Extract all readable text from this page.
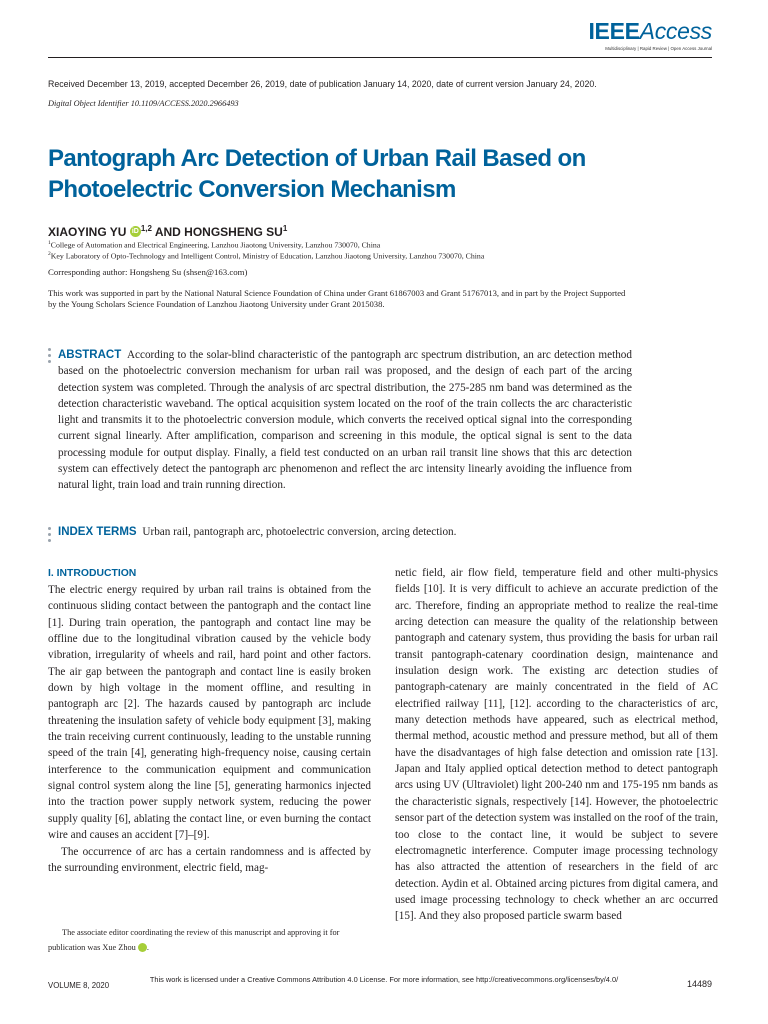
IEEEAccess
Multidisciplinary | Rapid Review | Open Access Journal
Received December 13, 2019, accepted December 26, 2019, date of publication January 14, 2020, date of current version January 24, 2020.
Digital Object Identifier 10.1109/ACCESS.2020.2966493
Pantograph Arc Detection of Urban Rail Based on
Photoelectric Conversion Mechanism
XIAOYING YU iD $^{1,2}$ AND HONGSHENG $SU^1$
$^1$College of Automation and Electrical Engineering, Lanzhou Jiaotong University, Lanzhou 730070, China
$^2$Key Laboratory of Opto-Technology and Intelligent Control, Ministry of Education, Lanzhou Jiaotong University, Lanzhou 730070, China
Corresponding author: Hongsheng Su (shsen@163.com)
This work was supported in part by the National Natural Science Foundation of China under Grant 61867003 and Grant 51767013, and in part by the Project Supported by the Young Scholars Science Foundation of Lanzhou Jiaotong University under Grant 2015038.
ABSTRACT According to the solar-blind characteristic of the pantograph arc spectrum distribution, an arc detection method based on the photoelectric conversion mechanism for urban rail was proposed, and the design of each part of the arcing detection system was completed. Through the analysis of arc spectral distribution, the 275-285 nm band was determined as the detection characteristic waveband. The optical acquisition system located on the roof of the train collects the arc characteristic light and transmits it to the photoelectric conversion module, which converts the received optical signal into the corresponding current signal linearly. After amplification, comparison and screening in this module, the optical signal is sent to the data processing module for output display. Finally, a field test conducted on an urban rail transit line shows that this arc detection system can effectively detect the pantograph arc phenomenon and reflect the arc intensity linearly avoiding the influence from natural light, train load and train running direction.
INDEX TERMS Urban rail, pantograph arc, photoelectric conversion, arcing detection.
I. INTRODUCTION

The electric energy required by urban rail trains is obtained from the continuous sliding contact between the pantograph and the contact line [1]. During train operation, the pantograph and contact line may be offline due to the longitudinal vibration caused by the vehicle body vibration, irregularity of wheels and rail, hard point and other factors. The air gap between the pantograph and contact line is easily broken down by high voltage in the moment offline, and resulting in pantograph arc [2]. The hazards caused by pantograph arc include threatening the insulation safety of vehicle body equipment [3], making the train receiving current continuously, leading to the unstable running speed of the train [4], generating high-frequency noise, causing certain interference to the communication equipment and communication signal control system along the line [5], generating harmonics injected into the traction power supply network system, reducing the power supply quality [6], ablating the contact line, or even burning the contact wire and causes an accident [7]–[9].

The occurrence of arc has a certain randomness and is affected by the surrounding environment, electric field, mag-

netic field, air flow field, temperature field and other multi-physics fields [10]. It is very difficult to achieve an accurate prediction of the arc. Therefore, finding an appropriate method to realize the real-time arcing detection can measure the quality of the relationship between pantograph and catenary system, thus providing the basis for urban rail transit pantograph-catenary coordination design, maintenance and insulation design work. The existing arc detection studies of pantograph-catenary are mainly concentrated in the field of AC electrified railway [11], [12]. according to the characteristics of arc, many detection methods have appeared, such as electrical method, thermal method, acoustic method and pressure method, but all of them have the disadvantages of high false detection and omission rate [13]. Japan and Italy applied optical detection method to detect pantograph arcs using UV (Ultraviolet) light 200-240 nm and 175-195 nm bands as the characteristic signals, respectively [14]. However, the photoelectric sensor part of the detection system was installed on the roof of the train, too close to the contact line, it would be subject to severe electromagnetic interference. Computer image processing technology has also attracted the attention of researchers in the field of arc detection. Aydin et al. Obtained arcing pictures from digital camera, and used image processing technology to check whether an arc occurred [15]. And they also proposed particle swarm based

The associate editor coordinating the review of this manuscript and approving it for publication was Xue Zhou	iD.
This work is licensed under a Creative Commons Attribution 4.0 License. For more information, see http://creativecommons.org/licenses/by/4.0/
VOLUME 8, 2020	14489
